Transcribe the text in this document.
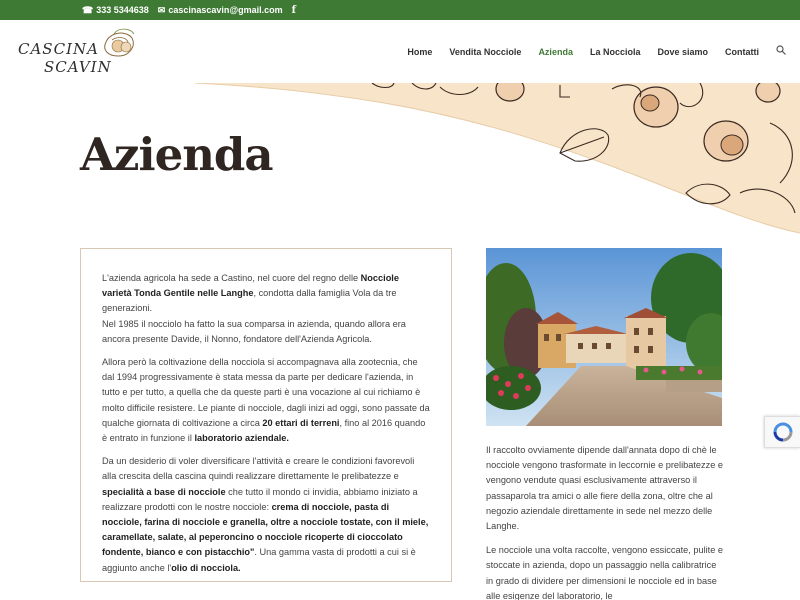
☎ 333 5344638 ✉ cascinascavin@gmail.com f
CASCINA
SCAVIN
Home Vendita Nocciole Azienda La Nocciola Dove siamo Contatti
Azienda

L'azienda agricola ha sede a Castino, nel cuore del regno delle Nocciole varietà Tonda Gentile nelle Langhe, condotta dalla famiglia Vola da tre generazioni.
Nel 1985 il nocciolo ha fatto la sua comparsa in azienda, quando allora era ancora presente Davide, il Nonno, fondatore dell'Azienda Agricola.

Allora però la coltivazione della nocciola si accompagnava alla zootecnia, che dal 1994 progressivamente è stata messa da parte per dedicare l'azienda, in tutto e per tutto, a quella che da queste parti è una vocazione al cui richiamo è molto difficile resistere. Le piante di nocciole, dagli inizi ad oggi, sono passate da qualche giornata di coltivazione a circa 20 ettari di terreni, fino al 2016 quando è entrato in funzione il laboratorio aziendale.

Da un desiderio di voler diversificare l'attività e creare le condizioni favorevoli alla crescita della cascina quindi realizzare direttamente le prelibatezze e specialità a base di nocciole che tutto il mondo ci invidia, abbiamo iniziato a realizzare prodotti con le nostre nocciole: crema di nocciole, pasta di nocciole, farina di nocciole e granella, oltre a nocciole tostate, con il miele, caramellate, salate, al peperoncino o nocciole ricoperte di cioccolato fondente, bianco e con pistacchio". Una gamma vasta di prodotti a cui si è aggiunto anche l'olio di nocciola.

Il raccolto ovviamente dipende dall'annata dopo di chè le nocciole vengono trasformate in leccornie e prelibatezze e vengono vendute quasi esclusivamente attraverso il passaparola tra amici o alle fiere della zona, oltre che al negozio aziendale direttamente in sede nel mezzo delle Langhe.

Le nocciole una volta raccolte, vengono essiccate, pulite e stoccate in azienda, dopo un passaggio nella calibratrice in grado di dividere per dimensioni le nocciole ed in base alle esigenze del laboratorio, le
